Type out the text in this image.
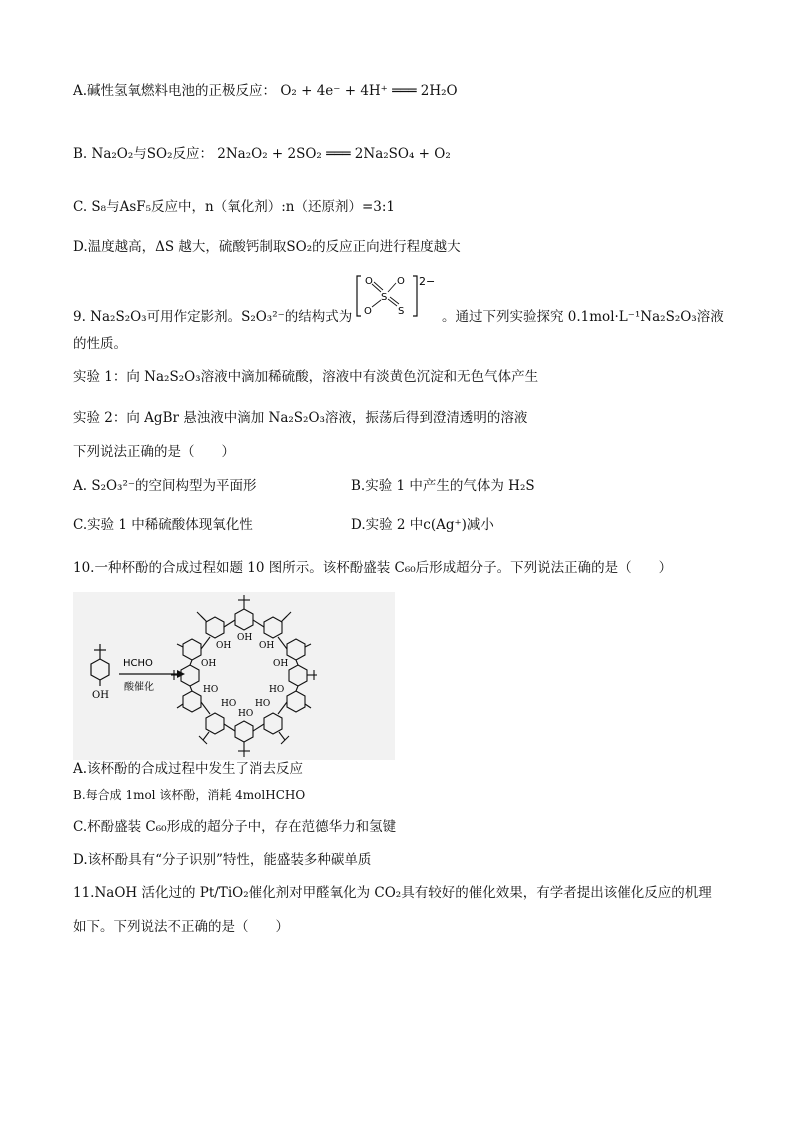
A.碱性氢氧燃料电池的正极反应： O₂ + 4e⁻ + 4H⁺ ═══ 2H₂O
B. Na₂O₂与SO₂反应： 2Na₂O₂ + 2SO₂ ═══ 2Na₂SO₄ + O₂
C. S₈与AsF₅反应中，n（氧化剂）:n（还原剂）=3:1
D.温度越高，ΔS 越大，硫酸钙制取SO₂的反应正向进行程度越大
9. Na₂S₂O₃可用作定影剂。S₂O₃²⁻的结构式为
O O
S
O	S
2−
。通过下列实验探究 0.1mol·L⁻¹Na₂S₂O₃溶液
的性质。
实验 1：向 Na₂S₂O₃溶液中滴加稀硫酸，溶液中有淡黄色沉淀和无色气体产生
实验 2：向 AgBr 悬浊液中滴加 Na₂S₂O₃溶液，振荡后得到澄清透明的溶液
下列说法正确的是（　　）
A. S₂O₃²⁻的空间构型为平面形	B.实验 1 中产生的气体为 H₂S
C.实验 1 中稀硫酸体现氧化性	D.实验 2 中c(Ag⁺)减小
10.一种杯酚的合成过程如题 10 图所示。该杯酚盛装 C₆₀后形成超分子。下列说法正确的是（　　）
OH
HCHO
酸催化
OH
OH
OH
OH	OH
HO
HO
HO
HO
HO
A.该杯酚的合成过程中发生了消去反应
B.每合成 1mol 该杯酚，消耗 4molHCHO
C.杯酚盛装 C₆₀形成的超分子中，存在范德华力和氢键
D.该杯酚具有“分子识别”特性，能盛装多种碳单质
11.NaOH 活化过的 Pt/TiO₂催化剂对甲醛氧化为 CO₂具有较好的催化效果，有学者提出该催化反应的机理
如下。下列说法不正确的是（　　）
